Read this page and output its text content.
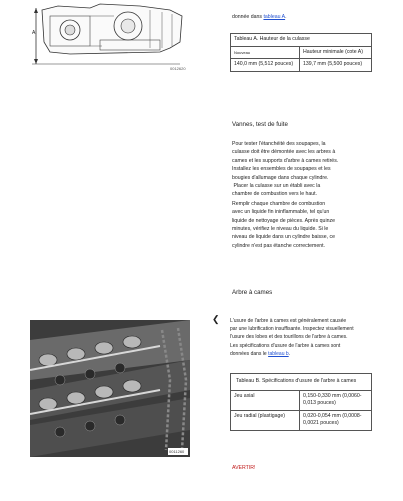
A
0012620
donnée dans tableau A.
Tableau A. Hauteur de la culasse	
Nouveau	Hauteur minimale (cote A)
140,0 mm (5,512 pouces)	139,7 mm (5,500 pouces)
Vannes, test de fuite
Pour tester l'étanchéité des soupapes, la
culasse doit être démontée avec les arbres à
cames et les supports d'arbre à cames retirés.
Installez les ensembles de soupapes et les
bougies d'allumage dans chaque cylindre.
Placer la culasse sur un établi avec la
chambre de combustion vers le haut.
Remplir chaque chambre de combustion
avec un liquide fin ininflammable, tel qu'un
liquide de nettoyage de pièces. Après quinze
minutes, vérifiez le niveau du liquide. Si le
niveau de liquide dans un cylindre baisse, ce
cylindre n'est pas étanche correctement.
Arbre à cames
❮ L'usure de l'arbre à cames est généralement causée
par une lubrification insuffisante. Inspectez visuellement
l'usure des lobes et des tourillons de l'arbre à cames.
Les spécifications d'usure de l'arbre à cames sont
données dans le tableau b.
0011260
Tableau B. Spécifications d'usure de l'arbre à cames	
Jeu axial	0,150-0,330 mm (0,0060-0,013 pouces)
Jeu radial (plastigage)	0,020-0,054 mm (0,0008-0,0021 pouces)
AVERTIR!
